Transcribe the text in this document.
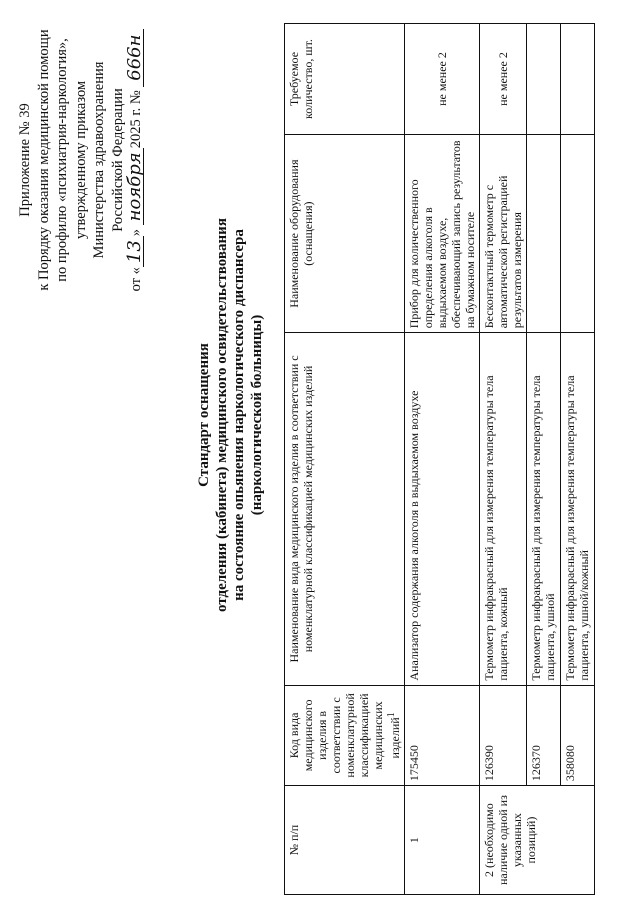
Приложение № 39 к Порядку оказания медицинской помощи по профилю «психиатрия-наркология», утвержденному приказом Министерства здравоохранения Российской Федерации
от «13» ноября2025 г. № 666н
Стандарт оснащения отделения (кабинета) медицинского освидетельствования на состояние опьянения наркологического диспансера (наркологической больницы)
№ п/п	Код вида медицинского изделия в соответствии с номенклатурной классификацией медицинских изделий$^1$	Наименование вида медицинского изделия в соответствии с номенклатурной классификацией медицинских изделий	Наименование оборудования (оснащения)	Требуемое количество, шт.
1	175450	Анализатор содержания алкоголя в выдыхаемом воздухе	Прибор для количественного определения алкоголя в выдыхаемом воздухе, обеспечивающий запись результатов на бумажном носителе	не менее 2
2 (необходимо наличие одной из указанных позиций)	126390	Термометр инфракрасный для измерения температуры тела пациента, кожный	Бесконтактный термометр с автоматической регистрацией результатов измерения	не менее 2
	126370	Термометр инфракрасный для измерения температуры тела пациента, ушной		
	358080	Термометр инфракрасный для измерения температуры тела пациента, ушной/кожный		
